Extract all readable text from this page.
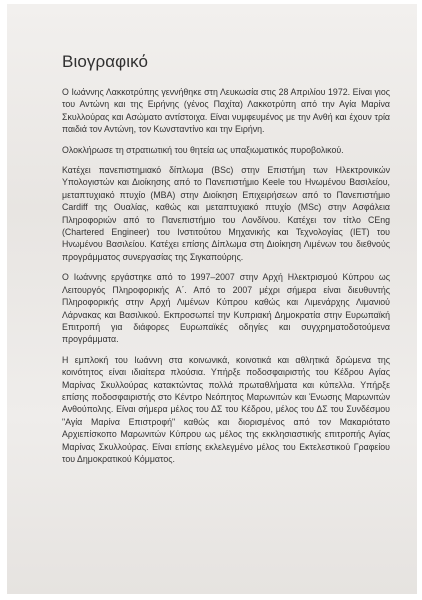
Βιογραφικό

Ο Ιωάννης Λακκοτρύπης γεννήθηκε στη Λευκωσία στις 28 Απριλίου 1972. Είναι γιος του Αντώνη και της Ειρήνης (γένος Παχίτα) Λακκοτρύπη από την Αγία Μαρίνα Σκυλλούρας και Ασώματο αντίστοιχα. Είναι νυμφευμένος με την Ανθή και έχουν τρία παιδιά τον Αντώνη, τον Κωνσταντίνο και την Ειρήνη.

Ολοκλήρωσε τη στρατιωτική του θητεία ως υπαξιωματικός πυροβολικού.

Κατέχει πανεπιστημιακό δίπλωμα (BSc) στην Επιστήμη των Ηλεκτρονικών Υπολογιστών και Διοίκησης από το Πανεπιστήμιο Keele του Ηνωμένου Βασιλείου, μεταπτυχιακό πτυχίο (MBA) στην Διοίκηση Επιχειρήσεων από το Πανεπιστήμιο Cardiff της Ουαλίας, καθώς και μεταπτυχιακό πτυχίο (MSc) στην Ασφάλεια Πληροφοριών από το Πανεπιστήμιο του Λονδίνου. Κατέχει τον τίτλο CEng (Chartered Engineer) του Ινστιτούτου Μηχανικής και Τεχνολογίας (IET) του Ηνωμένου Βασιλείου. Κατέχει επίσης Δίπλωμα στη Διοίκηση Λιμένων του διεθνούς προγράμματος συνεργασίας της Σιγκαπούρης.

Ο Ιωάννης εργάστηκε από το 1997–2007 στην Αρχή Ηλεκτρισμού Κύπρου ως Λειτουργός Πληροφορικής Α΄. Από το 2007 μέχρι σήμερα είναι διευθυντής Πληροφορικής στην Αρχή Λιμένων Κύπρου καθώς και Λιμενάρχης Λιμανιού Λάρνακας και Βασιλικού. Εκπροσωπεί την Κυπριακή Δημοκρατία στην Ευρωπαϊκή Επιτροπή για διάφορες Ευρωπαϊκές οδηγίες και συγχρηματοδοτούμενα προγράμματα.

Η εμπλοκή του Ιωάννη στα κοινωνικά, κοινοτικά και αθλητικά δρώμενα της κοινότητος είναι ιδιαίτερα πλούσια. Υπήρξε ποδοσφαιριστής του Κέδρου Αγίας Μαρίνας Σκυλλούρας κατακτώντας πολλά πρωταθλήματα και κύπελλα. Υπήρξε επίσης ποδοσφαιριστής στο Κέντρο Νεόπητος Μαρωνιτών και Ένωσης Μαρωνιτών Ανθούπολης. Είναι σήμερα μέλος του ΔΣ του Κέδρου, μέλος του ΔΣ του Συνδέσμου "Αγία Μαρίνα Επιστροφή" καθώς και διορισμένος από τον Μακαριότατο Αρχιεπίσκοπο Μαρωνιτών Κύπρου ως μέλος της εκκλησιαστικής επιτροπής Αγίας Μαρίνας Σκυλλούρας. Είναι επίσης εκλελεγμένο μέλος του Εκτελεστικού Γραφείου του Δημοκρατικού Κόμματος.
